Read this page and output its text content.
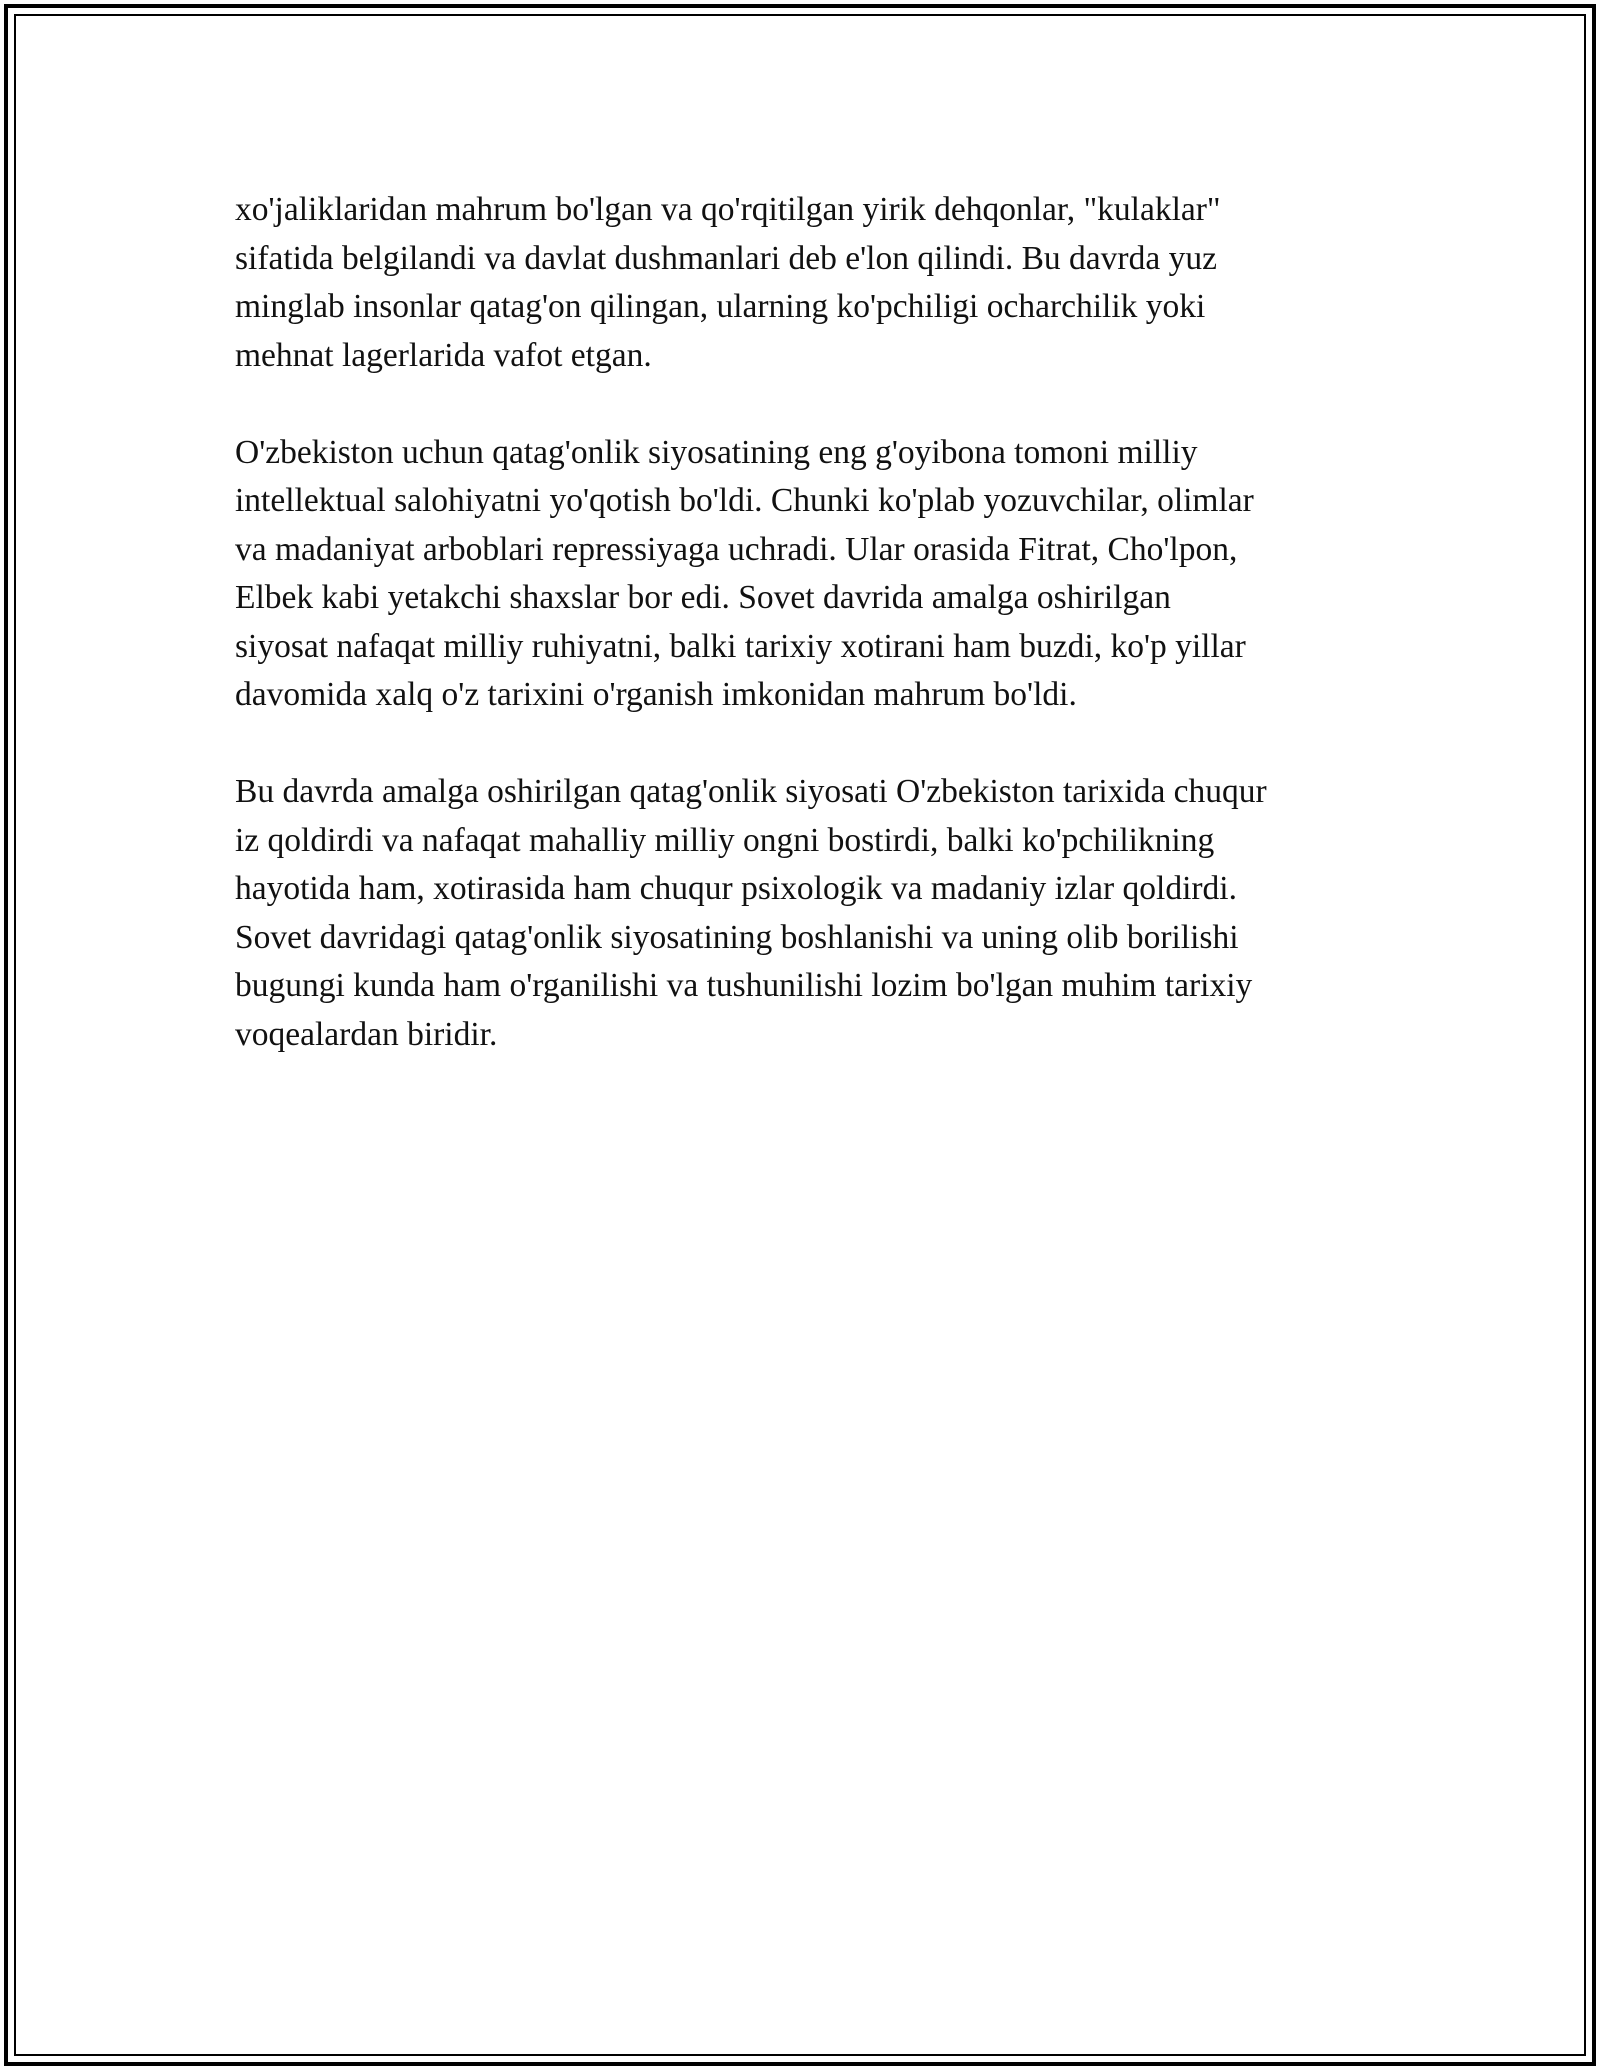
xo'jaliklaridan mahrum bo'lgan va qo'rqitilgan yirik dehqonlar, "kulaklar"
sifatida belgilandi va davlat dushmanlari deb e'lon qilindi. Bu davrda yuz
minglab insonlar qatag'on qilingan, ularning ko'pchiligi ocharchilik yoki
mehnat lagerlarida vafot etgan.

O'zbekiston uchun qatag'onlik siyosatining eng g'oyibona tomoni milliy
intellektual salohiyatni yo'qotish bo'ldi. Chunki ko'plab yozuvchilar, olimlar
va madaniyat arboblari repressiyaga uchradi. Ular orasida Fitrat, Cho'lpon,
Elbek kabi yetakchi shaxslar bor edi. Sovet davrida amalga oshirilgan
siyosat nafaqat milliy ruhiyatni, balki tarixiy xotirani ham buzdi, ko'p yillar
davomida xalq o'z tarixini o'rganish imkonidan mahrum bo'ldi.

Bu davrda amalga oshirilgan qatag'onlik siyosati O'zbekiston tarixida chuqur
iz qoldirdi va nafaqat mahalliy milliy ongni bostirdi, balki ko'pchilikning
hayotida ham, xotirasida ham chuqur psixologik va madaniy izlar qoldirdi.
Sovet davridagi qatag'onlik siyosatining boshlanishi va uning olib borilishi
bugungi kunda ham o'rganilishi va tushunilishi lozim bo'lgan muhim tarixiy
voqealardan biridir.
